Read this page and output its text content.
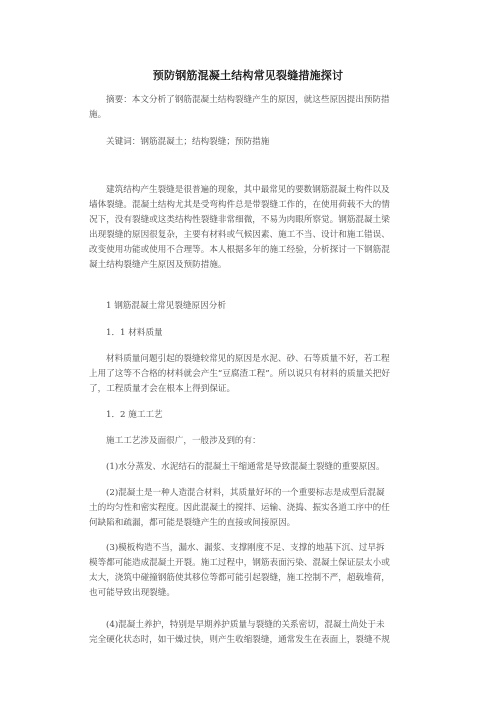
预防钢筋混凝土结构常见裂缝措施探讨

摘要：本文分析了钢筋混凝土结构裂缝产生的原因，就这些原因提出预防措
施。

关键词：钢筋混凝土；结构裂缝；预防措施

建筑结构产生裂缝是很普遍的现象，其中最常见的要数钢筋混凝土构件以及
墙体裂缝。混凝土结构尤其是受弯构件总是带裂缝工作的，在使用荷载不大的情
况下，没有裂缝或这类结构性裂缝非常细微，不易为肉眼所察觉。钢筋混凝土梁
出现裂缝的原因很复杂，主要有材料或气候因素、施工不当、设计和施工错误、
改变使用功能或使用不合理等。本人根据多年的施工经验，分析探讨一下钢筋混
凝土结构裂缝产生原因及预防措施。

1 钢筋混凝土常见裂缝原因分析
1．1 材料质量

材料质量问题引起的裂缝较常见的原因是水泥、砂、石等质量不好，若工程
上用了这等不合格的材料就会产生“豆腐渣工程”。所以说只有材料的质量关把好
了，工程质量才会在根本上得到保证。

1．2 施工工艺
施工工艺涉及面很广，一般涉及到的有：
(1)水分蒸发、水泥结石的混凝土干缩通常是导致混凝土裂缝的重要原因。

(2)混凝土是一种人造混合材料，其质量好坏的一个重要标志是成型后混凝
土的均匀性和密实程度。因此混凝土的搅拌、运输、浇捣、振实各道工序中的任
何缺陷和疏漏，都可能是裂缝产生的直接或间接原因。

(3)模板构造不当，漏水、漏浆、支撑刚度不足、支撑的地基下沉、过早拆
模等都可能造成混凝土开裂。施工过程中，钢筋表面污染、混凝土保证层太小或
太大，浇筑中碰撞钢筋使其移位等都可能引起裂缝，施工控制不严，超载堆荷，
也可能导致出现裂缝。

(4)混凝土养护，特别是早期养护质量与裂缝的关系密切，混凝土尚处于未
完全硬化状态时，如干燥过快，则产生收缩裂缝，通常发生在表面上，裂缝不规
